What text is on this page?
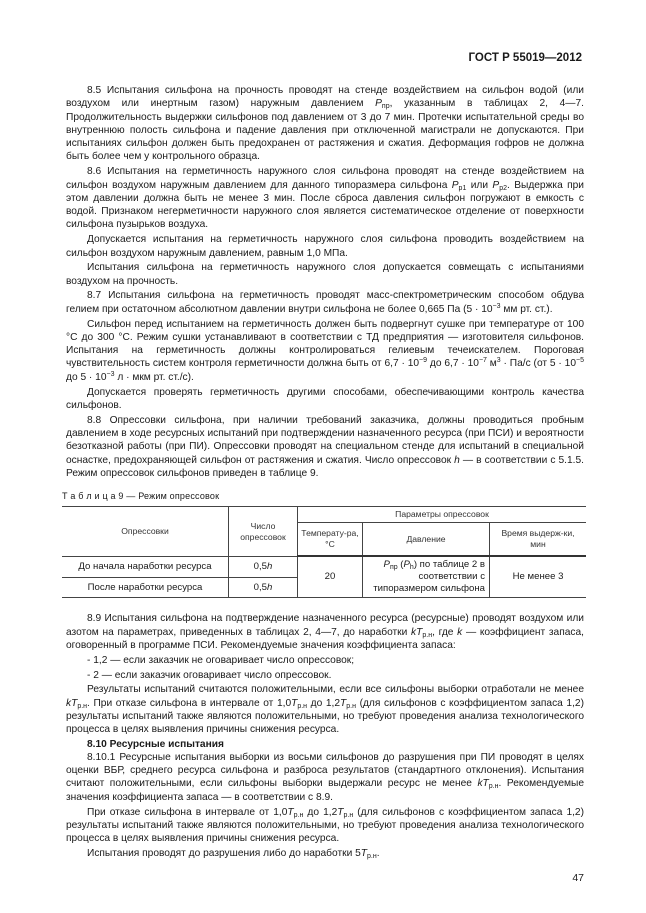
ГОСТ Р 55019—2012

8.5 Испытания сильфона на прочность проводят на стенде воздействием на сильфон водой (или воздухом или инертным газом) наружным давлением $P_{пр}$, указанным в таблицах 2, 4—7. Продолжительность выдержки сильфонов под давлением от 3 до 7 мин. Протечки испытательной среды во внутреннюю полость сильфона и падение давления при отключенной магистрали не допускаются. При испытаниях сильфон должен быть предохранен от растяжения и сжатия. Деформация гофров не должна быть более чем у контрольного образца.

8.6 Испытания на герметичность наружного слоя сильфона проводят на стенде воздействием на сильфон воздухом наружным давлением для данного типоразмера сильфона $P_{р1}$ или $P_{р2}$. Выдержка при этом давлении должна быть не менее 3 мин. После сброса давления сильфон погружают в емкость с водой. Признаком негерметичности наружного слоя является систематическое отделение от поверхности сильфона пузырьков воздуха.

Допускается испытания на герметичность наружного слоя сильфона проводить воздействием на сильфон воздухом наружным давлением, равным 1,0 МПа.

Испытания сильфона на герметичность наружного слоя допускается совмещать с испытаниями воздухом на прочность.

8.7 Испытания сильфона на герметичность проводят масс-спектрометрическим способом обдува гелием при остаточном абсолютном давлении внутри сильфона не более 0,665 Па ($5 \cdot 10^{-3}$ мм рт. ст.).

Сильфон перед испытанием на герметичность должен быть подвергнут сушке при температуре от 100 °С до 300 °С. Режим сушки устанавливают в соответствии с ТД предприятия — изготовителя сильфонов. Испытания на герметичность должны контролироваться гелиевым течеискателем. Пороговая чувствительность систем контроля герметичности должна быть от $6,7 \cdot 10^{-9}$ до $6,7 \cdot 10^{-7}$ $м^3 \cdot Па/с$ (от $5 \cdot 10^{-5}$ до $5 \cdot 10^{-3}$ л · мкм рт. ст./с).

Допускается проверять герметичность другими способами, обеспечивающими контроль качества сильфонов.

8.8 Опрессовки сильфона, при наличии требований заказчика, должны проводиться пробным давлением в ходе ресурсных испытаний при подтверждении назначенного ресурса (при ПСИ) и вероятности безотказной работы (при ПИ). Опрессовки проводят на специальном стенде для испытаний в специальной оснастке, предохраняющей сильфон от растяжения и сжатия. Число опрессовок h — в соответствии с 5.1.5. Режим опрессовок сильфонов приведен в таблице 9.

Т а б л и ц а 9 — Режим опрессовок
Опрессовки	Число опрессовок	Параметры опрессовок		
		Температу-ра, °С	Давление	Время выдерж-ки, мин
До начала наработки ресурса	0,5h	20	$P_{пр}$ $(P_h)$ по таблице 2 в соответствии с типоразмером сильфона	Не менее 3
После наработки ресурса	0,5h			

8.9 Испытания сильфона на подтверждение назначенного ресурса (ресурсные) проводят воздухом или азотом на параметрах, приведенных в таблицах 2, 4—7, до наработки $kT_{р.н}$, где k — коэффициент запаса, оговоренный в программе ПСИ. Рекомендуемые значения коэффициента запаса:

- 1,2 — если заказчик не оговаривает число опрессовок;

- 2 — если заказчик оговаривает число опрессовок.

Результаты испытаний считаются положительными, если все сильфоны выборки отработали не менее $kT_{р.н}$. При отказе сильфона в интервале от $1,0T_{р.н}$ до $1,2T_{р.н}$ (для сильфонов с коэффициентом запаса 1,2) результаты испытаний также являются положительными, но требуют проведения анализа технологического процесса в целях выявления причины снижения ресурса.

8.10 Ресурсные испытания

8.10.1 Ресурсные испытания выборки из восьми сильфонов до разрушения при ПИ проводят в целях оценки ВБР, среднего ресурса сильфона и разброса результатов (стандартного отклонения). Испытания считают положительными, если сильфоны выборки выдержали ресурс не менее $kT_{р.н}$. Рекомендуемые значения коэффициента запаса — в соответствии с 8.9.

При отказе сильфона в интервале от $1,0T_{р.н}$ до $1,2T_{р.н}$ (для сильфонов с коэффициентом запаса 1,2) результаты испытаний также являются положительными, но требуют проведения анализа технологического процесса в целях выявления причины снижения ресурса.

Испытания проводят до разрушения либо до наработки $5T_{р.н}$.

47
